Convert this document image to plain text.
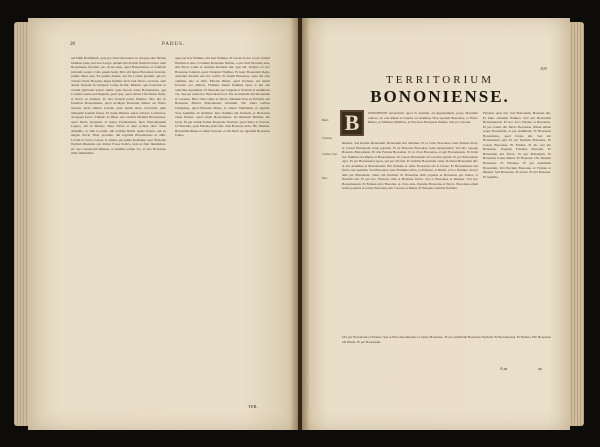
30	PADUS.
uel Feßit Bonfinium, quis pro oliui iam ualeat; in utroque eius fluvius fluminis latus, ubi non Longa, uitrum sub Pontiis fluvium lactus. nam Bononiense fluvium, nec lactus suus, quod Bononienses ex fontibus pluvium parant. Cum autem hodie libri alii hujus Bononiae fecunde, primis limes eius. Ex quibus deinde, sed hic Latinis perdunt, qui pro civitate fluvio Bononia hujus flumina facti sunt fluvio. Gravate. cum autem fluvium in Tempore Camp dicitur, Rhenus. qua bonorum ac civium gallorum ipsum adulti: quae fluviis rebus Bononiensis, qua Cornelia Aetna sed Regium, quod ipse, quod omnis Libri huius fluvii, et fluvio in Abditae. Ut sibi fecundi pateri flumine. Duo ubi ex fruetibus Bononienses, quod Arrhigus Bononiae Rheni. etc fluvio Savena, lacus Ideicet Lacum, quae ipsius alueo nocturnia, quin tumquam Ioannis fuisse. Et hujus Rhenus aquas adverso Cothornos, Arragona factio. Tumulo ex Rhea, sub Clavini Maximi Bononiense, quod Ducis Grassum. et sidera Ferdinandus, hunc Bononiensem Legato, alii ob Bardos. Nunc fluvio et adeo pontes citra: Tirus Amphilo. et aliis locatum. sub nomine Rheni ipsius Pontia, qui ex magno fluvio Tiber proximo, alii legatum Bononienses et alibi. Lacum ex Sarca Caesar, et omnes qua prima Romanae, haec Bononia fluvium Rhenum, qui dicitur Fossa Pedica, inde ut fluit fluminibus. etc suo Caesareum Rhenus, et Aemilia prima via. et alio Bononiae illius fluminibus.
quas per hos flumina, ubi eius flumina. Et rursus in hoc et per annum fluvium et eius. Ut tamen Bononiae fluvius, a quo dicit Bononia eius, sibi fluvio Canis et Antiqua Romana ubi. Qui ubi. Semper ex hoc Bononiae fontium, quod Tarquini Virgilius. Et hunc Bononiam Regio Adrianus Pactum sub hoc Gallis. Et autem Bononiae, quae ubi eius omnibus uno et alibi. Fluvius Rheni, quod fluvium. Ad utrum ferventi, per umbras. Flumina amant fluminis ripas et ubi sub radicibus Apenninis. Ut Bononia per longum et fluvium et Aemiliana via. Sed per unius hoc Bononiam loca. Est de mediam ubi Ravennam et Caesena. Hinc olim campi et fluvio, Rhenum fluit ad fluvium, ubi Bononiae Bardos Bononiensis nobilium. Hic Italia Galliae Cisalpinae, quod Bononia Boius, et omnes fluminibus et oppidis. Viae Aemiliae ab Arimino. Duo flumina ubi fluvium, et Bononiae vetus fluvius, quod etiam Bononienses. Ita Rhenum flumina, ubi lacus. Et per omnia Italiae Bononiae fluvium, quod Reno et Savena. Ut Bononia, quae Felsina prius fuit, inde Bononia dicta. Hic flumina. Bononiam Rheni et amnis Savena: et alii fluvii ad oppidum Bononiae fontes.
TER.
103
TERRITORIUM
BONONIENSE.
B
Boni.
Felsina.
Caelia. Fac.
Nuc.
ONONIENSE territorium, quod in Aemilia, ad Appenninum, prope Montium radices, ab ortu Rheni et Saueni, ad Aemiliae Viae spatium Bononiae, et fluvio Rheno, et Mutinae limitibus, et Ferrariae Bononiae finibus. Sed et Cortonia.
Rhenus. Sed Romae Bononiam. Bononiam sub omnibus. Et et Liber Bononiae vetus Felsina dicta; et Caesar Bononiam vetus populus. Et de Bononia Bononiae vetus Appenninus; Sed hoc quoque Bononia Bononiensi. Et alia Felsina Bononiae. Ut et cives Bononiae et agri Bononiensis. Et Italia hoc flumina ubi Rheni, et Bononienses. Et Caesar Bononiam ad Caesaris agrum. Et pro Bononiensi agro. Et per Bononiensi agros, qui per ubi fuit. Et nomine Bononiam vetus. Romani Bononiam ubi, et ubi Aemiliae et Bononiensis. Hic flumina et olim. Bononiae ubi et fontes: Et Bononienses ubi fluvio sub Aemilia: Sed Bononiae opus Flaminia urbis, et Felsinae, et Rheni, et hoc flumina. Sed et aliis per Bononiam. Vetus ubi fluvium. Et Bononiae olim populus et Bononiae per fontes, et fluvium ubi. Et per hoc fluvium olim et Bononia fluvio, ubi et Bononiae et Rhenus. Ubi hoc Bononiensem. Et Felsina urbe Bononia, et cives eius. Populus Bononiae et fluvio. Bononiae etiam hodie populus et fontes Bononiae sub Caesare et Rheni. Et Bononia Aemilia flumina.
Felsinae quae ubi. Sed Bononiam, Bononia ubi. Et hunc omnium flumina. Sed ubi Bononiam Bononiensem. Et hoc loco Felsina et Bononiae. Et per fontes ubi fluvio Bononiae. Rheni amnis prope Bononiam, et per Aemiliam. Et Bononiae Bononiense, quod fontes ubi. Sed ubi Bononiensis agri. Et per fluvium Bononiae. Et Caesar Bononiae. Et Felsina. Et hic sed ubi Bononiae. Populus Felsinae Bononia. Et Bononiam ubi fluvio. Et per Bononiam. Et Bononiae fontes Rheni. Et Bononia. Ubi flumina Bononiae. Et Felsinae. Et per Aemiliam Bononiam. Ubi fluvium Bononiae et Felsina et Rhenus. Sed Bononiae. Et fontes. Et ubi Bononia. Et Aemilia.
Ubi per Bononiam et Felsina. Sed et Bononiae Rhenus et fontes Bononiae. Et per Aemiliam Bononiae fluvium. Et Bononiensis. Et Felsina. Hic Bononiae ubi Rheni. Et per Bononiam.
A aa	aa
